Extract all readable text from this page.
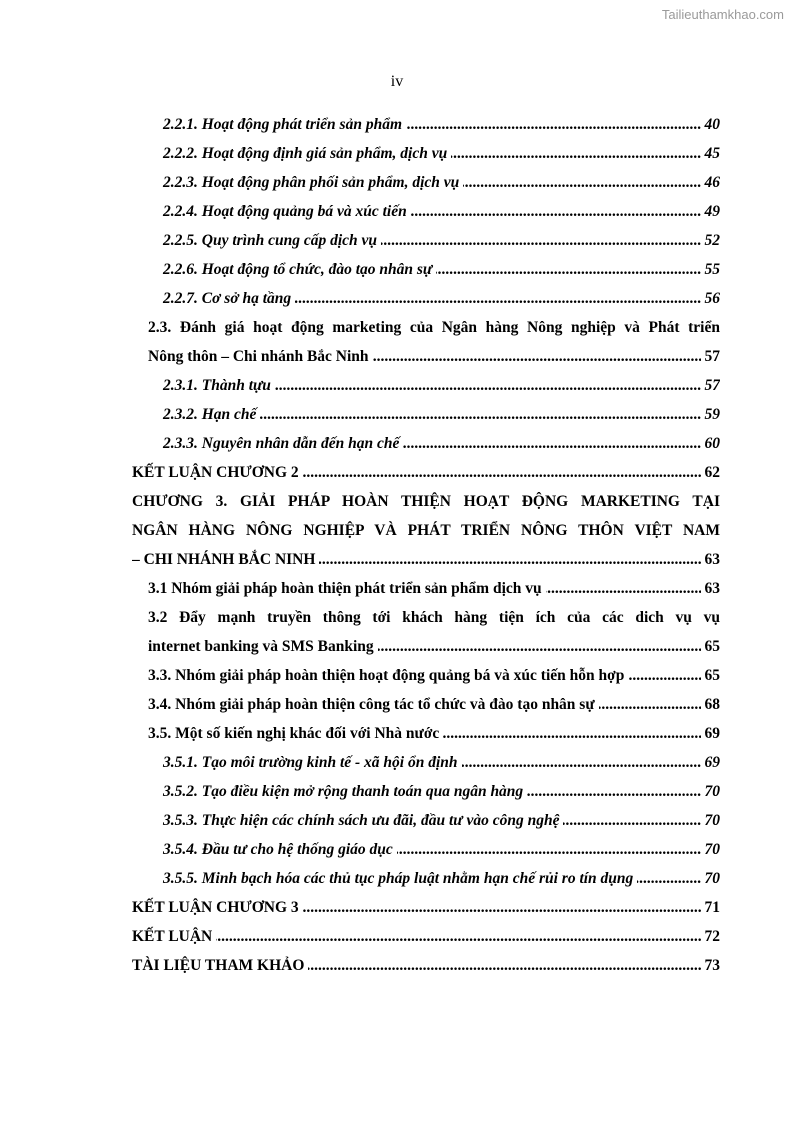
Tailieuthamkhao.com
iv
.....
2.2.1. Hoạt động phát triển sản phẩm	40
.....
2.2.2. Hoạt động định giá sản phẩm, dịch vụ	45
.....
2.2.3. Hoạt động phân phối sản phẩm, dịch vụ	46
.....
2.2.4. Hoạt động quảng bá và xúc tiến	49
.....
2.2.5. Quy trình cung cấp dịch vụ	52
.....
2.2.6. Hoạt động tổ chức, đào tạo nhân sự	55
.....
2.2.7. Cơ sở hạ tầng	56
2.3. Đánh giá hoạt động marketing của Ngân hàng Nông nghiệp và Phát triển
.....
Nông thôn – Chi nhánh Bắc Ninh	57
.....
2.3.1. Thành tựu	57
.....
2.3.2. Hạn chế	59
.....
2.3.3. Nguyên nhân dẫn đến hạn chế	60
.....
KẾT LUẬN CHƯƠNG 2	62
CHƯƠNG 3. GIẢI PHÁP HOÀN THIỆN HOẠT ĐỘNG MARKETING TẠI
NGÂN HÀNG NÔNG NGHIỆP VÀ PHÁT TRIỂN NÔNG THÔN VIỆT NAM
.....
– CHI NHÁNH BẮC NINH	63
.....
3.1 Nhóm giải pháp hoàn thiện phát triển sản phẩm dịch vụ	63
3.2 Đẩy mạnh truyền thông tới khách hàng tiện ích của các dich vụ vụ
.....
internet banking và SMS Banking	65
.....
3.3. Nhóm giải pháp hoàn thiện hoạt động quảng bá và xúc tiến hỗn hợp	65
.....
3.4. Nhóm giải pháp hoàn thiện công tác tổ chức và đào tạo nhân sự	68
.....
3.5. Một số kiến nghị khác đối với Nhà nước	69
.....
3.5.1. Tạo môi trường kinh tế - xã hội ổn định	69
.....
3.5.2. Tạo điều kiện mở rộng thanh toán qua ngân hàng	70
.....
3.5.3. Thực hiện các chính sách ưu đãi, đầu tư vào công nghệ	70
.....
3.5.4. Đầu tư cho hệ thống giáo dục	70
.....
3.5.5. Minh bạch hóa các thủ tục pháp luật nhằm hạn chế rủi ro tín dụng	70
.....
KẾT LUẬN CHƯƠNG 3	71
.....
KẾT LUẬN	72
.....
TÀI LIỆU THAM KHẢO	73
